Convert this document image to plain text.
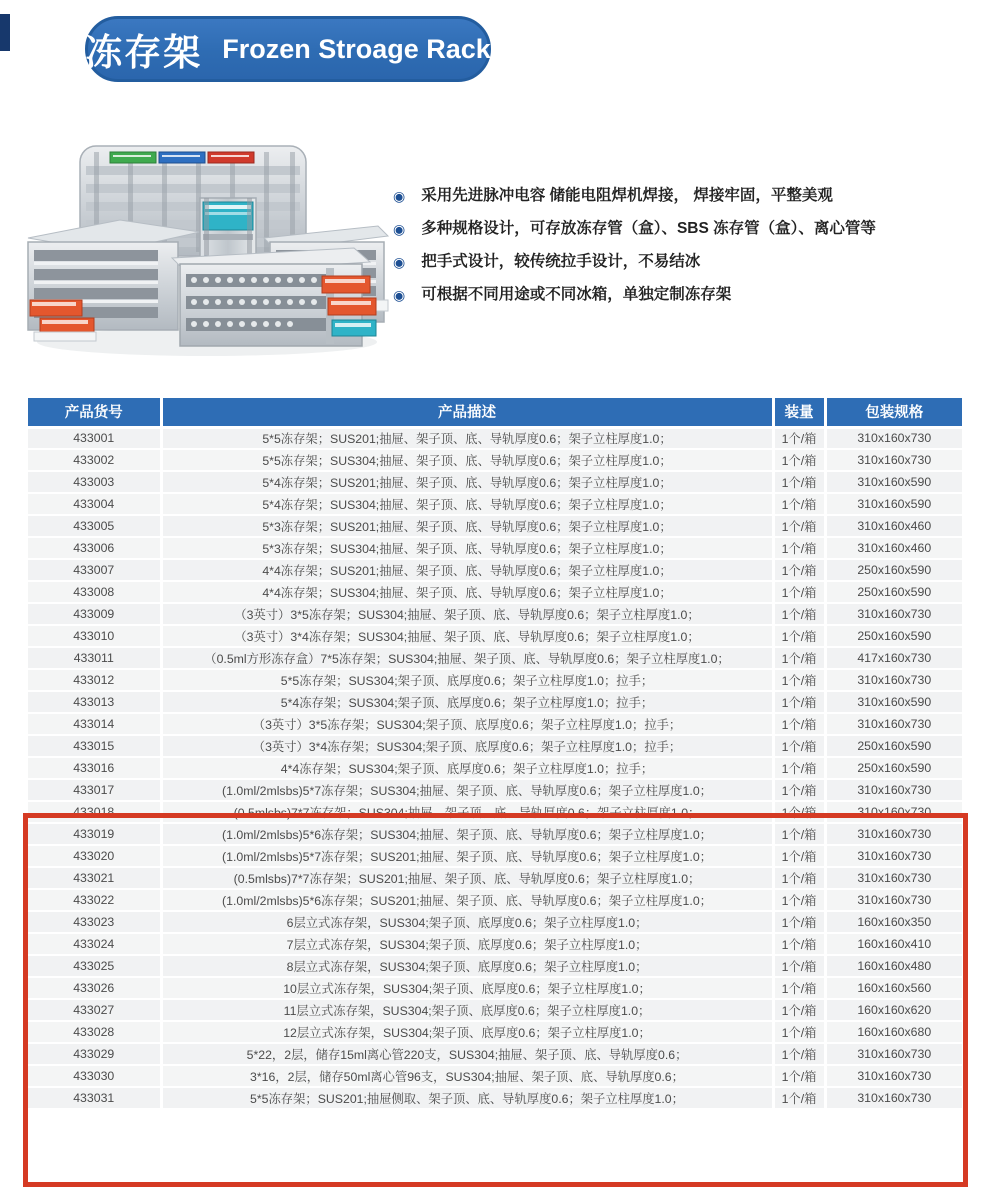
冻存架 Frozen Stroage Rack
◉ 采用先进脉冲电容 储能电阻焊机焊接， 焊接牢固，平整美观
◉ 多种规格设计，可存放冻存管（盒）、SBS 冻存管（盒）、离心管等
◉ 把手式设计，较传统拉手设计，不易结冰
◉ 可根据不同用途或不同冰箱，单独定制冻存架
产品货号	产品描述	装量	包装规格
433001	5*5冻存架；SUS201;抽屉、架子顶、底、导轨厚度0.6；架子立柱厚度1.0；	1个/箱	310x160x730
433002	5*5冻存架；SUS304;抽屉、架子顶、底、导轨厚度0.6；架子立柱厚度1.0；	1个/箱	310x160x730
433003	5*4冻存架；SUS201;抽屉、架子顶、底、导轨厚度0.6；架子立柱厚度1.0；	1个/箱	310x160x590
433004	5*4冻存架；SUS304;抽屉、架子顶、底、导轨厚度0.6；架子立柱厚度1.0；	1个/箱	310x160x590
433005	5*3冻存架；SUS201;抽屉、架子顶、底、导轨厚度0.6；架子立柱厚度1.0；	1个/箱	310x160x460
433006	5*3冻存架；SUS304;抽屉、架子顶、底、导轨厚度0.6；架子立柱厚度1.0；	1个/箱	310x160x460
433007	4*4冻存架；SUS201;抽屉、架子顶、底、导轨厚度0.6；架子立柱厚度1.0；	1个/箱	250x160x590
433008	4*4冻存架；SUS304;抽屉、架子顶、底、导轨厚度0.6；架子立柱厚度1.0；	1个/箱	250x160x590
433009	（3英寸）3*5冻存架；SUS304;抽屉、架子顶、底、导轨厚度0.6；架子立柱厚度1.0；	1个/箱	310x160x730
433010	（3英寸）3*4冻存架；SUS304;抽屉、架子顶、底、导轨厚度0.6；架子立柱厚度1.0；	1个/箱	250x160x590
433011	（0.5ml方形冻存盒）7*5冻存架；SUS304;抽屉、架子顶、底、导轨厚度0.6；架子立柱厚度1.0；	1个/箱	417x160x730
433012	5*5冻存架；SUS304;架子顶、底厚度0.6；架子立柱厚度1.0；拉手；	1个/箱	310x160x730
433013	5*4冻存架；SUS304;架子顶、底厚度0.6；架子立柱厚度1.0；拉手；	1个/箱	310x160x590
433014	（3英寸）3*5冻存架；SUS304;架子顶、底厚度0.6；架子立柱厚度1.0；拉手；	1个/箱	310x160x730
433015	（3英寸）3*4冻存架；SUS304;架子顶、底厚度0.6；架子立柱厚度1.0；拉手；	1个/箱	250x160x590
433016	4*4冻存架；SUS304;架子顶、底厚度0.6；架子立柱厚度1.0；拉手；	1个/箱	250x160x590
433017	(1.0ml/2mlsbs)5*7冻存架；SUS304;抽屉、架子顶、底、导轨厚度0.6；架子立柱厚度1.0；	1个/箱	310x160x730
433018	(0.5mlsbs)7*7冻存架；SUS304;抽屉、架子顶、底、导轨厚度0.6；架子立柱厚度1.0；	1个/箱	310x160x730
433019	(1.0ml/2mlsbs)5*6冻存架；SUS304;抽屉、架子顶、底、导轨厚度0.6；架子立柱厚度1.0；	1个/箱	310x160x730
433020	(1.0ml/2mlsbs)5*7冻存架；SUS201;抽屉、架子顶、底、导轨厚度0.6；架子立柱厚度1.0；	1个/箱	310x160x730
433021	(0.5mlsbs)7*7冻存架；SUS201;抽屉、架子顶、底、导轨厚度0.6；架子立柱厚度1.0；	1个/箱	310x160x730
433022	(1.0ml/2mlsbs)5*6冻存架；SUS201;抽屉、架子顶、底、导轨厚度0.6；架子立柱厚度1.0；	1个/箱	310x160x730
433023	6层立式冻存架，SUS304;架子顶、底厚度0.6；架子立柱厚度1.0；	1个/箱	160x160x350
433024	7层立式冻存架，SUS304;架子顶、底厚度0.6；架子立柱厚度1.0；	1个/箱	160x160x410
433025	8层立式冻存架，SUS304;架子顶、底厚度0.6；架子立柱厚度1.0；	1个/箱	160x160x480
433026	10层立式冻存架，SUS304;架子顶、底厚度0.6；架子立柱厚度1.0；	1个/箱	160x160x560
433027	11层立式冻存架，SUS304;架子顶、底厚度0.6；架子立柱厚度1.0；	1个/箱	160x160x620
433028	12层立式冻存架，SUS304;架子顶、底厚度0.6；架子立柱厚度1.0；	1个/箱	160x160x680
433029	5*22，2层，储存15ml离心管220支，SUS304;抽屉、架子顶、底、导轨厚度0.6；	1个/箱	310x160x730
433030	3*16，2层，储存50ml离心管96支，SUS304;抽屉、架子顶、底、导轨厚度0.6；	1个/箱	310x160x730
433031	5*5冻存架；SUS201;抽屉侧取、架子顶、底、导轨厚度0.6；架子立柱厚度1.0；	1个/箱	310x160x730
